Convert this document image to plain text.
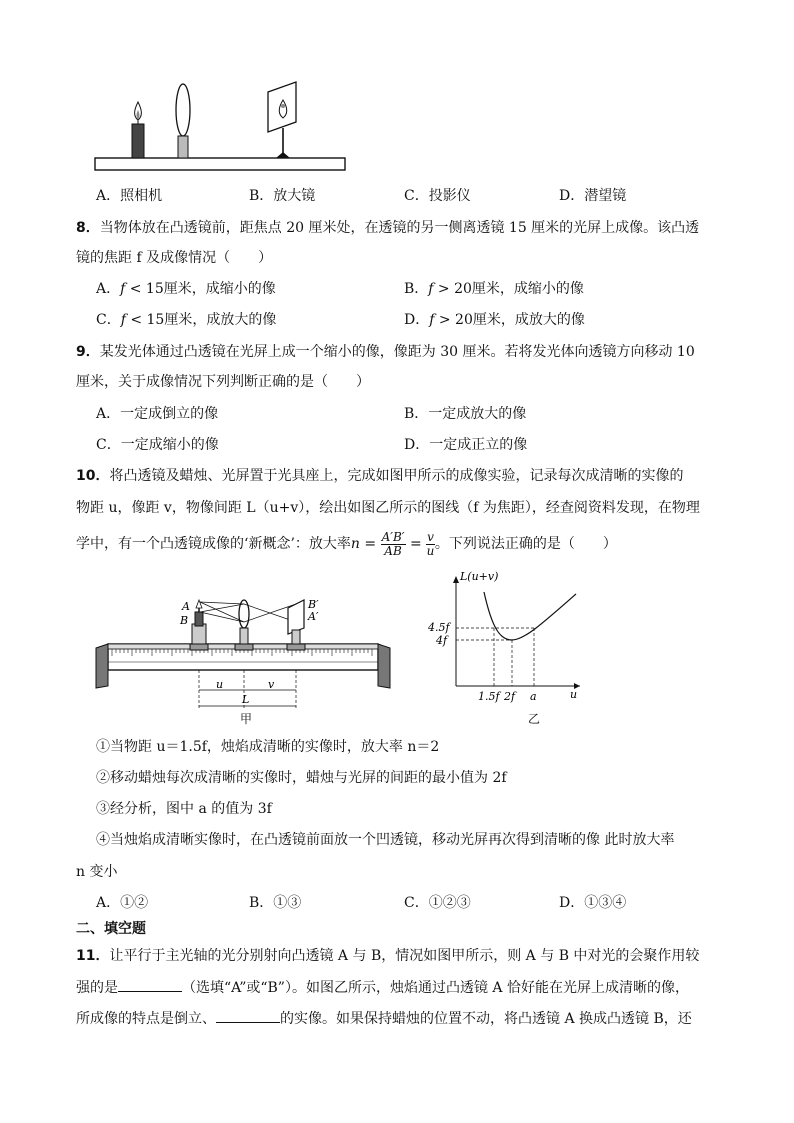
A．照相机	B．放大镜	C．投影仪	D．潜望镜
8．当物体放在凸透镜前，距焦点 20 厘米处，在透镜的另一侧离透镜 15 厘米的光屏上成像。该凸透
镜的焦距 f 及成像情况（　　）
A．𝑓 < 15厘米，成缩小的像	B．𝑓 > 20厘米，成缩小的像
C．𝑓 < 15厘米，成放大的像	D．𝑓 > 20厘米，成放大的像
9．某发光体通过凸透镜在光屏上成一个缩小的像，像距为 30 厘米。若将发光体向透镜方向移动 10
厘米，关于成像情况下列判断正确的是（　　）
A．一定成倒立的像	B．一定成放大的像
C．一定成缩小的像	D．一定成正立的像
10．将凸透镜及蜡烛、光屏置于光具座上，完成如图甲所示的成像实验，记录每次成清晰的实像的
物距 u，像距 v，物像间距 L（u+v），绘出如图乙所示的图线（f 为焦距），经查阅资料发现，在物理
学中，有一个凸透镜成像的‘新概念’：放大率$n = \frac{A'B'}{AB} = \frac{v}{u}$ 。下列说法正确的是（　　）
A
B
B′
A′
u	v
L
甲
L(u+v)
4.5f
4f
1.5f 2f a	u
乙
①当物距 u＝1.5f，烛焰成清晰的实像时，放大率 n＝2
②移动蜡烛每次成清晰的实像时，蜡烛与光屏的间距的最小值为 2f
③经分析，图中 a 的值为 3f
④当烛焰成清晰实像时，在凸透镜前面放一个凹透镜，移动光屏再次得到清晰的像 此时放大率
n 变小
A．①②	B．①③	C．①②③	D．①③④
二、填空题
11．让平行于主光轴的光分别射向凸透镜 A 与 B，情况如图甲所示，则 A 与 B 中对光的会聚作用较
强的是	（选填“A”或“B”）。如图乙所示，烛焰通过凸透镜 A 恰好能在光屏上成清晰的像，
所成像的特点是倒立、	的实像。如果保持蜡烛的位置不动，将凸透镜 A 换成凸透镜 B，还
